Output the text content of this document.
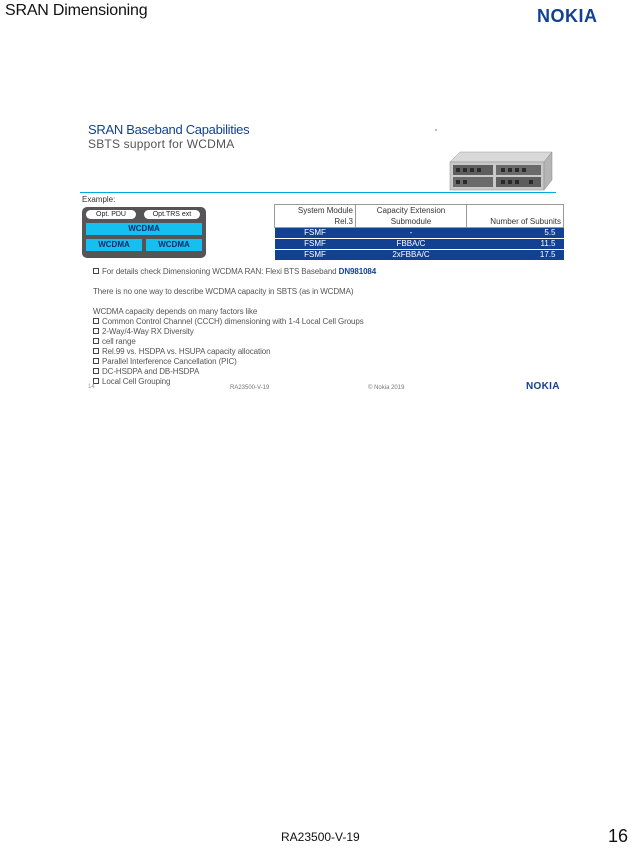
SRAN Dimensioning	NOKIA
SRAN Baseband Capabilities
SBTS support for WCDMA
Example:
Opt. PDU	Opt.TRS ext
WCDMA
WCDMA	WCDMA
System Module Rel.3	Capacity Extension Submodule	Number of Subunits
FSMF	-	5.5
FSMF	FBBA/C	11.5
FSMF	2xFBBA/C	17.5
For details check Dimensioning WCDMA RAN: Flexi BTS Baseband DN981084
There is no one way to describe WCDMA capacity in SBTS (as in WCDMA)
WCDMA capacity depends on many factors like
Common Control Channel (CCCH) dimensioning with 1-4 Local Cell Groups
2-Way/4-Way RX Diversity
cell range
Rel.99 vs. HSDPA vs. HSUPA capacity allocation
Parallel Interference Cancellation (PIC)
DC-HSDPA and DB-HSDPA
Local Cell Grouping
14	RA23500-V-19	© Nokia 2019	NOKIA
RA23500-V-19	16
